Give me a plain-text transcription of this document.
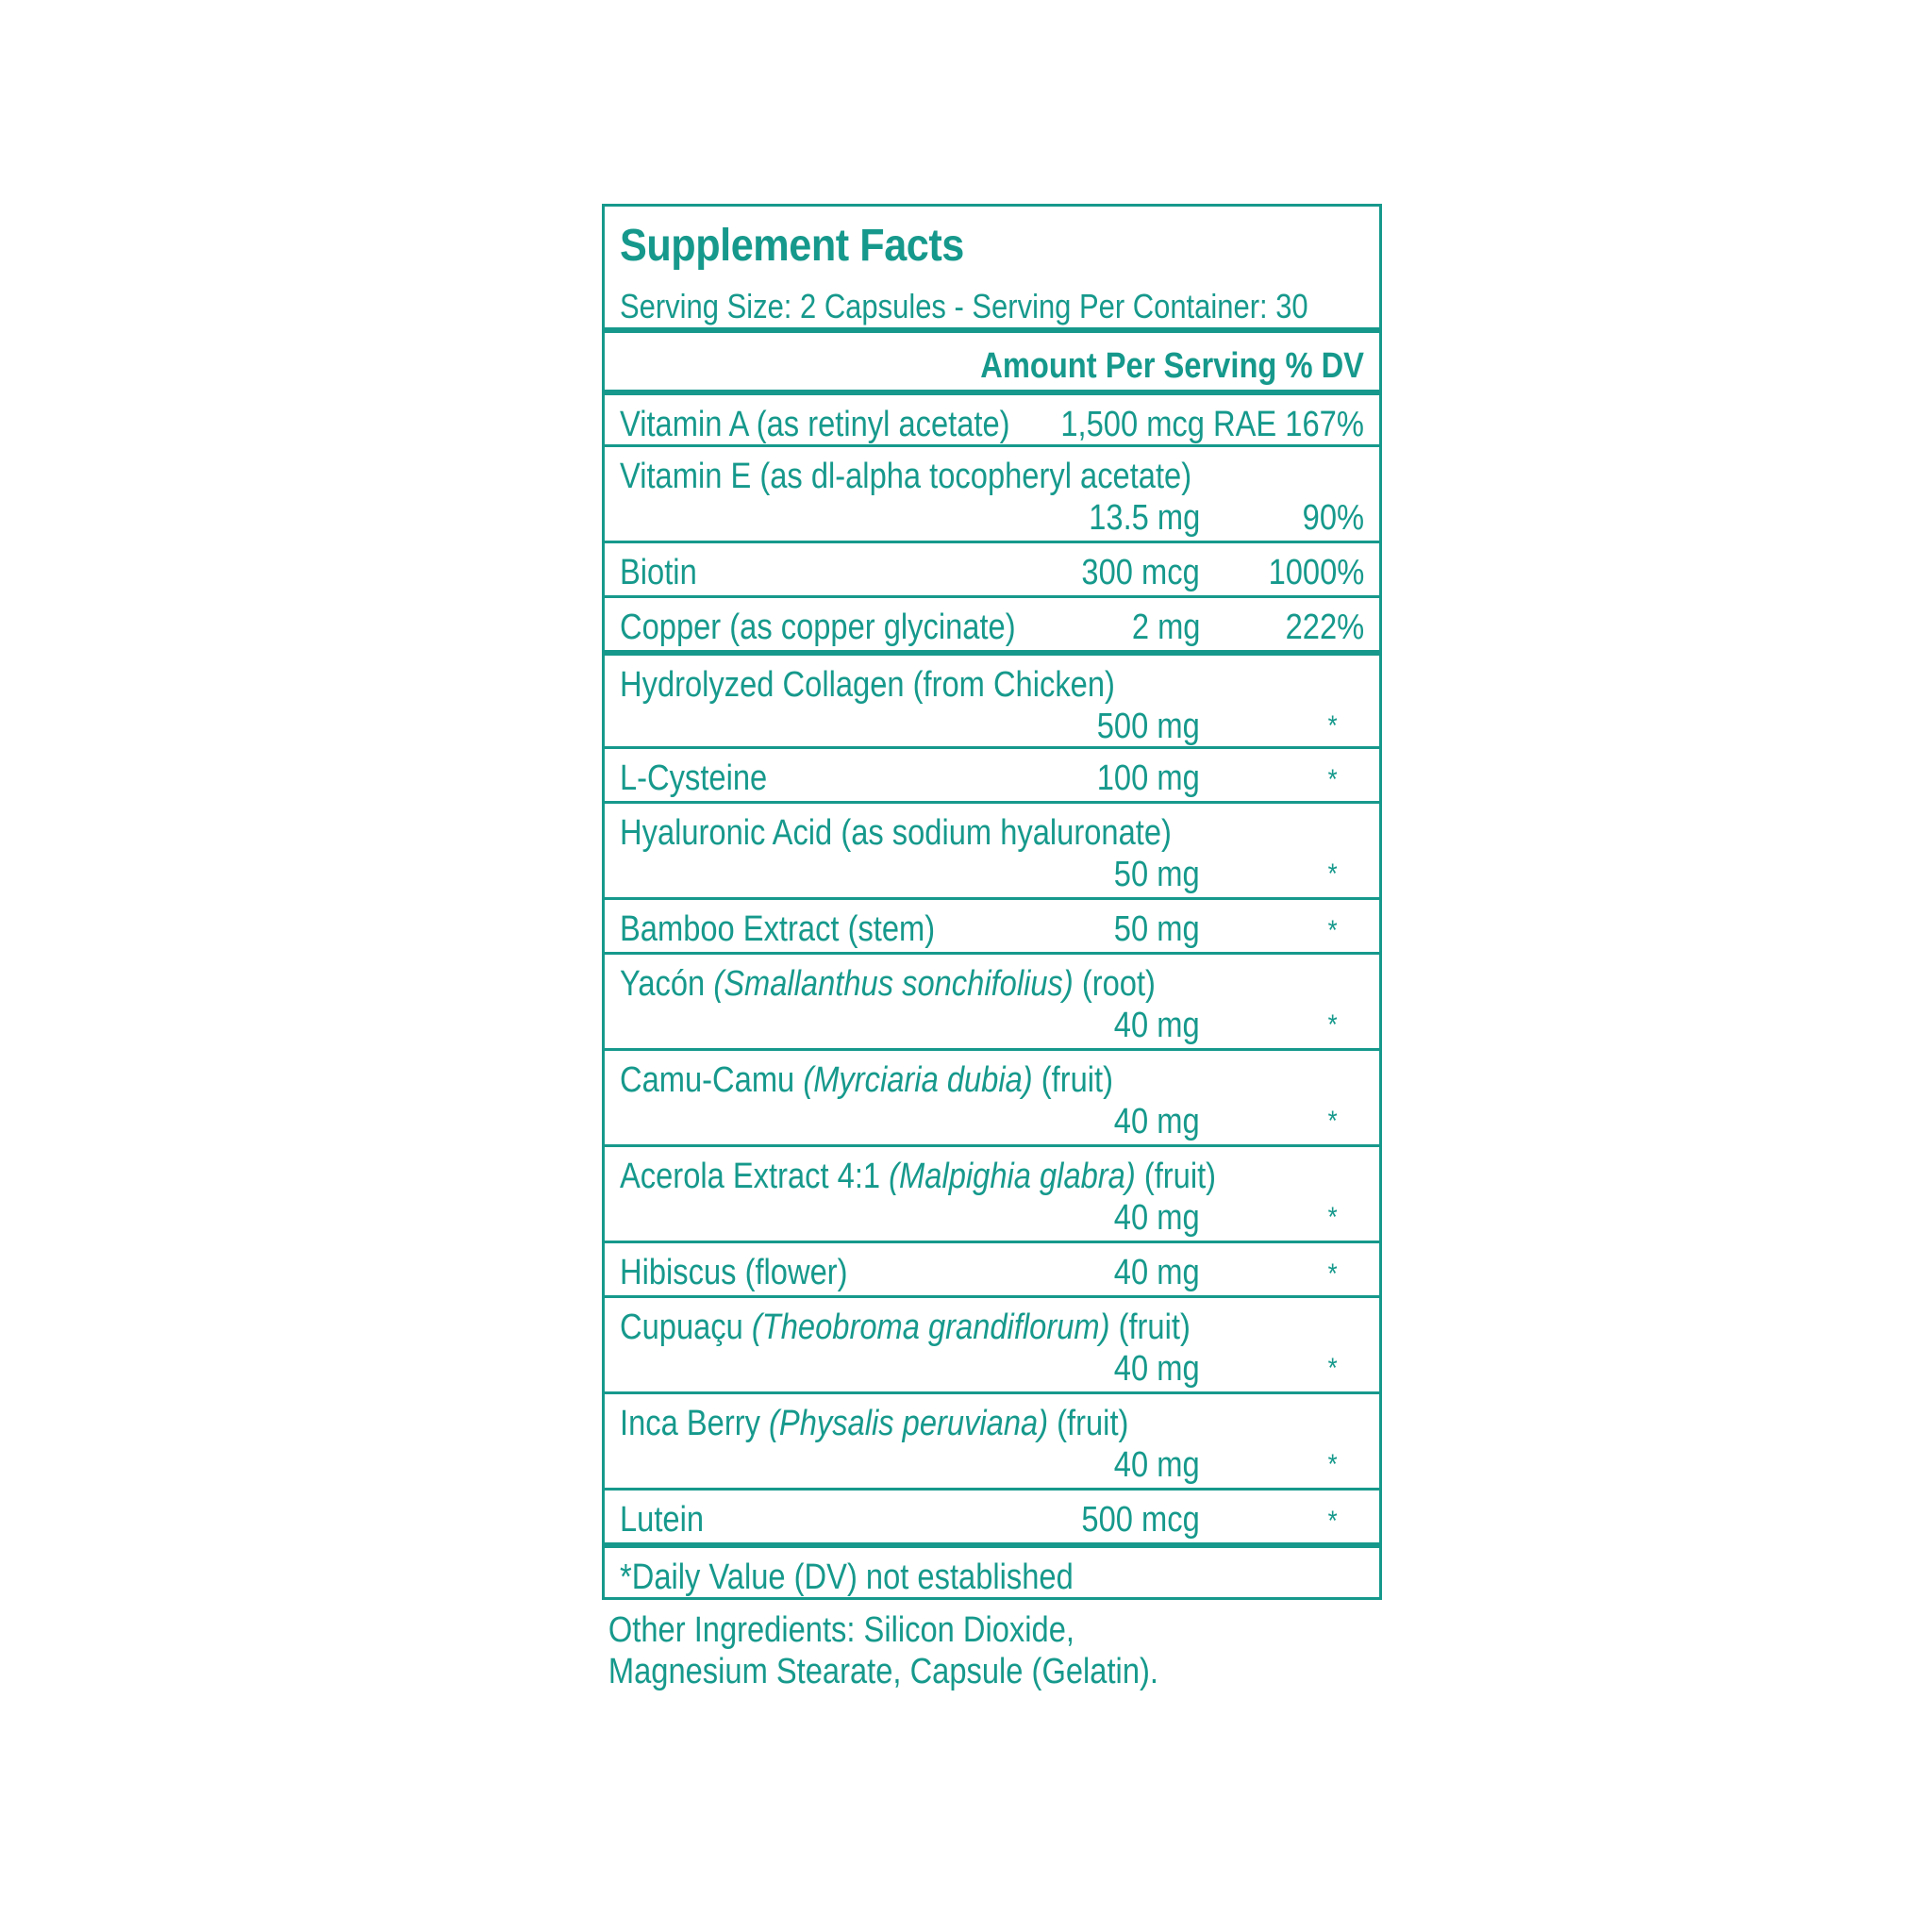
Supplement Facts
Serving Size: 2 Capsules - Serving Per Container: 30
Amount Per Serving % DV
Vitamin A (as retinyl acetate) 1,500 mcg RAE 167%
Vitamin E (as dl-alpha tocopheryl acetate)
13.5 mg	90%
Biotin	300 mcg 1000%
Copper (as copper glycinate)	2 mg 222%
Hydrolyzed Collagen (from Chicken)
500 mg	*
L-Cysteine	100 mg	*
Hyaluronic Acid (as sodium hyaluronate)
50 mg	*
Bamboo Extract (stem)	50 mg	*
Yacón (Smallanthus sonchifolius) (root)
40 mg	*
Camu-Camu (Myrciaria dubia) (fruit)
40 mg	*
Acerola Extract 4:1 (Malpighia glabra) (fruit)
40 mg	*
Hibiscus (flower)	40 mg	*
Cupuaçu (Theobroma grandiflorum) (fruit)
40 mg	*
Inca Berry (Physalis peruviana) (fruit)
40 mg	*
Lutein	500 mcg	*
*Daily Value (DV) not established
Other Ingredients: Silicon Dioxide,
Magnesium Stearate, Capsule (Gelatin).
